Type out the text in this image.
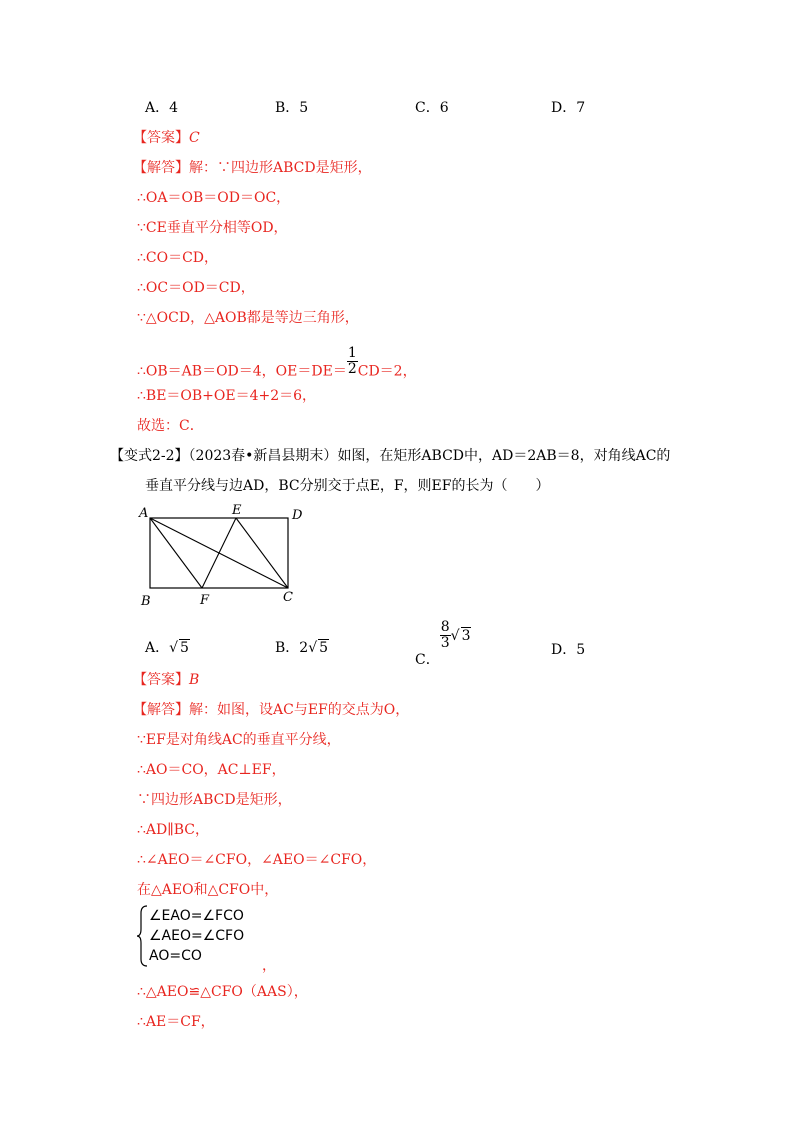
A．4	B．5	C．6	D．7
【答案】C
【解答】解：∵四边形ABCD是矩形，
∴OA＝OB＝OD＝OC，
∵CE垂直平分相等OD，
∴CO＝CD，
∴OC＝OD＝CD，
∵△OCD，△AOB都是等边三角形，
∴OB＝AB＝OD＝4，$OE=DE= \frac{1}{2} CD=2$，
∴BE＝OB+OE＝4+2＝6，
故选：C．
【变式2-2】（2023春•新昌县期末）如图，在矩形ABCD中，AD＝2AB＝8，对角线AC的
垂直平分线与边AD，BC分别交于点E，F，则EF的长为（　　）
A	E	D
B	F	C
A．√ 5	B．2√ 5
C．
$\frac{8}{3}$ √ 3
D．5
【答案】B
【解答】解：如图，设AC与EF的交点为O，
∵EF是对角线AC的垂直平分线，
∴AO＝CO，AC⊥EF，
∵四边形ABCD是矩形，
∴AD∥BC，
∴∠AEO＝∠CFO，∠AEO＝∠CFO，
在△AEO和△CFO中，
∠EAO=∠FCO
∠AEO=∠CFO
AO=CO
，
∴△AEO≌△CFO（AAS），
∴AE＝CF，
